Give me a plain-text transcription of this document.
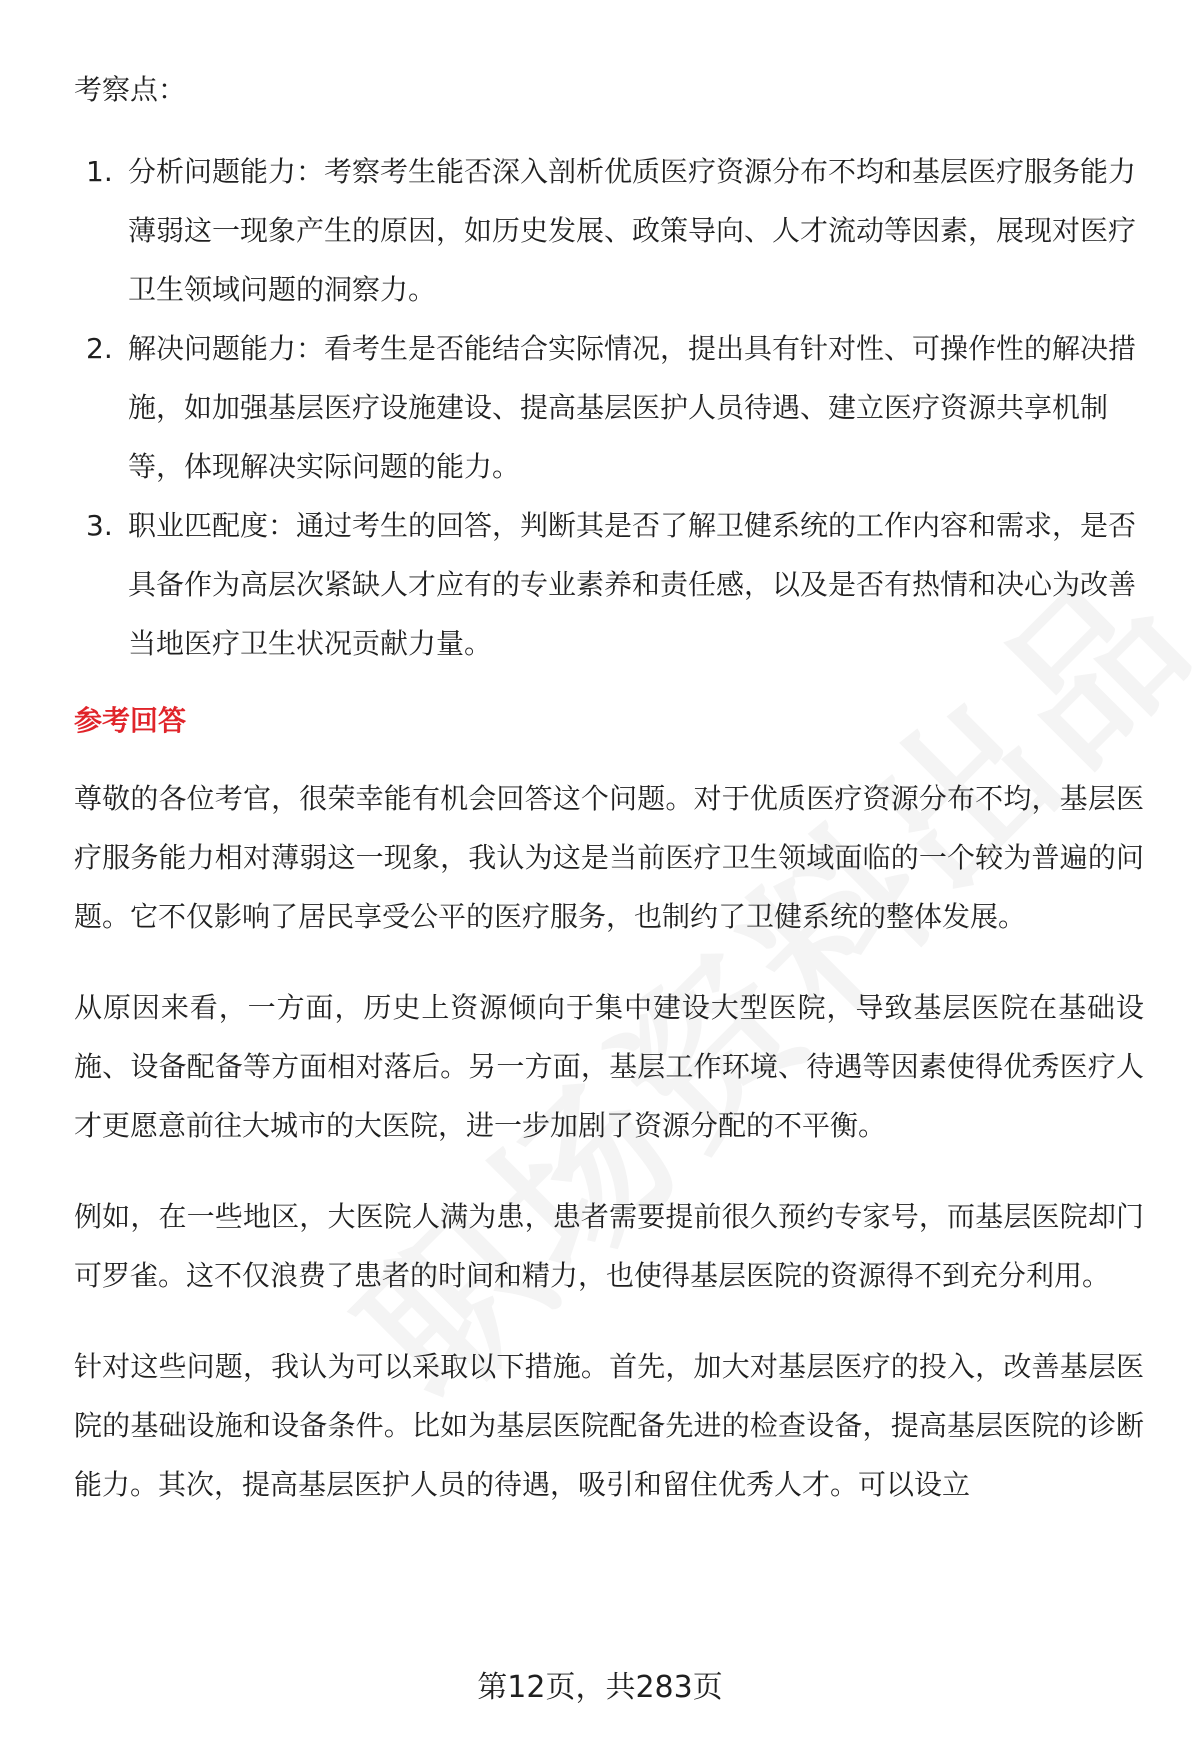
考察点：

1. 分析问题能力：考察考生能否深入剖析优质医疗资源分布不均和基层医疗服务能力薄弱这一现象产生的原因，如历史发展、政策导向、人才流动等因素，展现对医疗卫生领域问题的洞察力。
2. 解决问题能力：看考生是否能结合实际情况，提出具有针对性、可操作性的解决措施，如加强基层医疗设施建设、提高基层医护人员待遇、建立医疗资源共享机制等，体现解决实际问题的能力。
3. 职业匹配度：通过考生的回答，判断其是否了解卫健系统的工作内容和需求，是否具备作为高层次紧缺人才应有的专业素养和责任感，以及是否有热情和决心为改善当地医疗卫生状况贡献力量。
参考回答

尊敬的各位考官，很荣幸能有机会回答这个问题。对于优质医疗资源分布不均，基层医疗服务能力相对薄弱这一现象，我认为这是当前医疗卫生领域面临的一个较为普遍的问题。它不仅影响了居民享受公平的医疗服务，也制约了卫健系统的整体发展。

从原因来看，一方面，历史上资源倾向于集中建设大型医院，导致基层医院在基础设施、设备配备等方面相对落后。另一方面，基层工作环境、待遇等因素使得优秀医疗人才更愿意前往大城市的大医院，进一步加剧了资源分配的不平衡。

例如，在一些地区，大医院人满为患，患者需要提前很久预约专家号，而基层医院却门可罗雀。这不仅浪费了患者的时间和精力，也使得基层医院的资源得不到充分利用。

针对这些问题，我认为可以采取以下措施。首先，加大对基层医疗的投入，改善基层医院的基础设施和设备条件。比如为基层医院配备先进的检查设备，提高基层医院的诊断能力。其次，提高基层医护人员的待遇，吸引和留住优秀人才。可以设立

第12页，共283页
